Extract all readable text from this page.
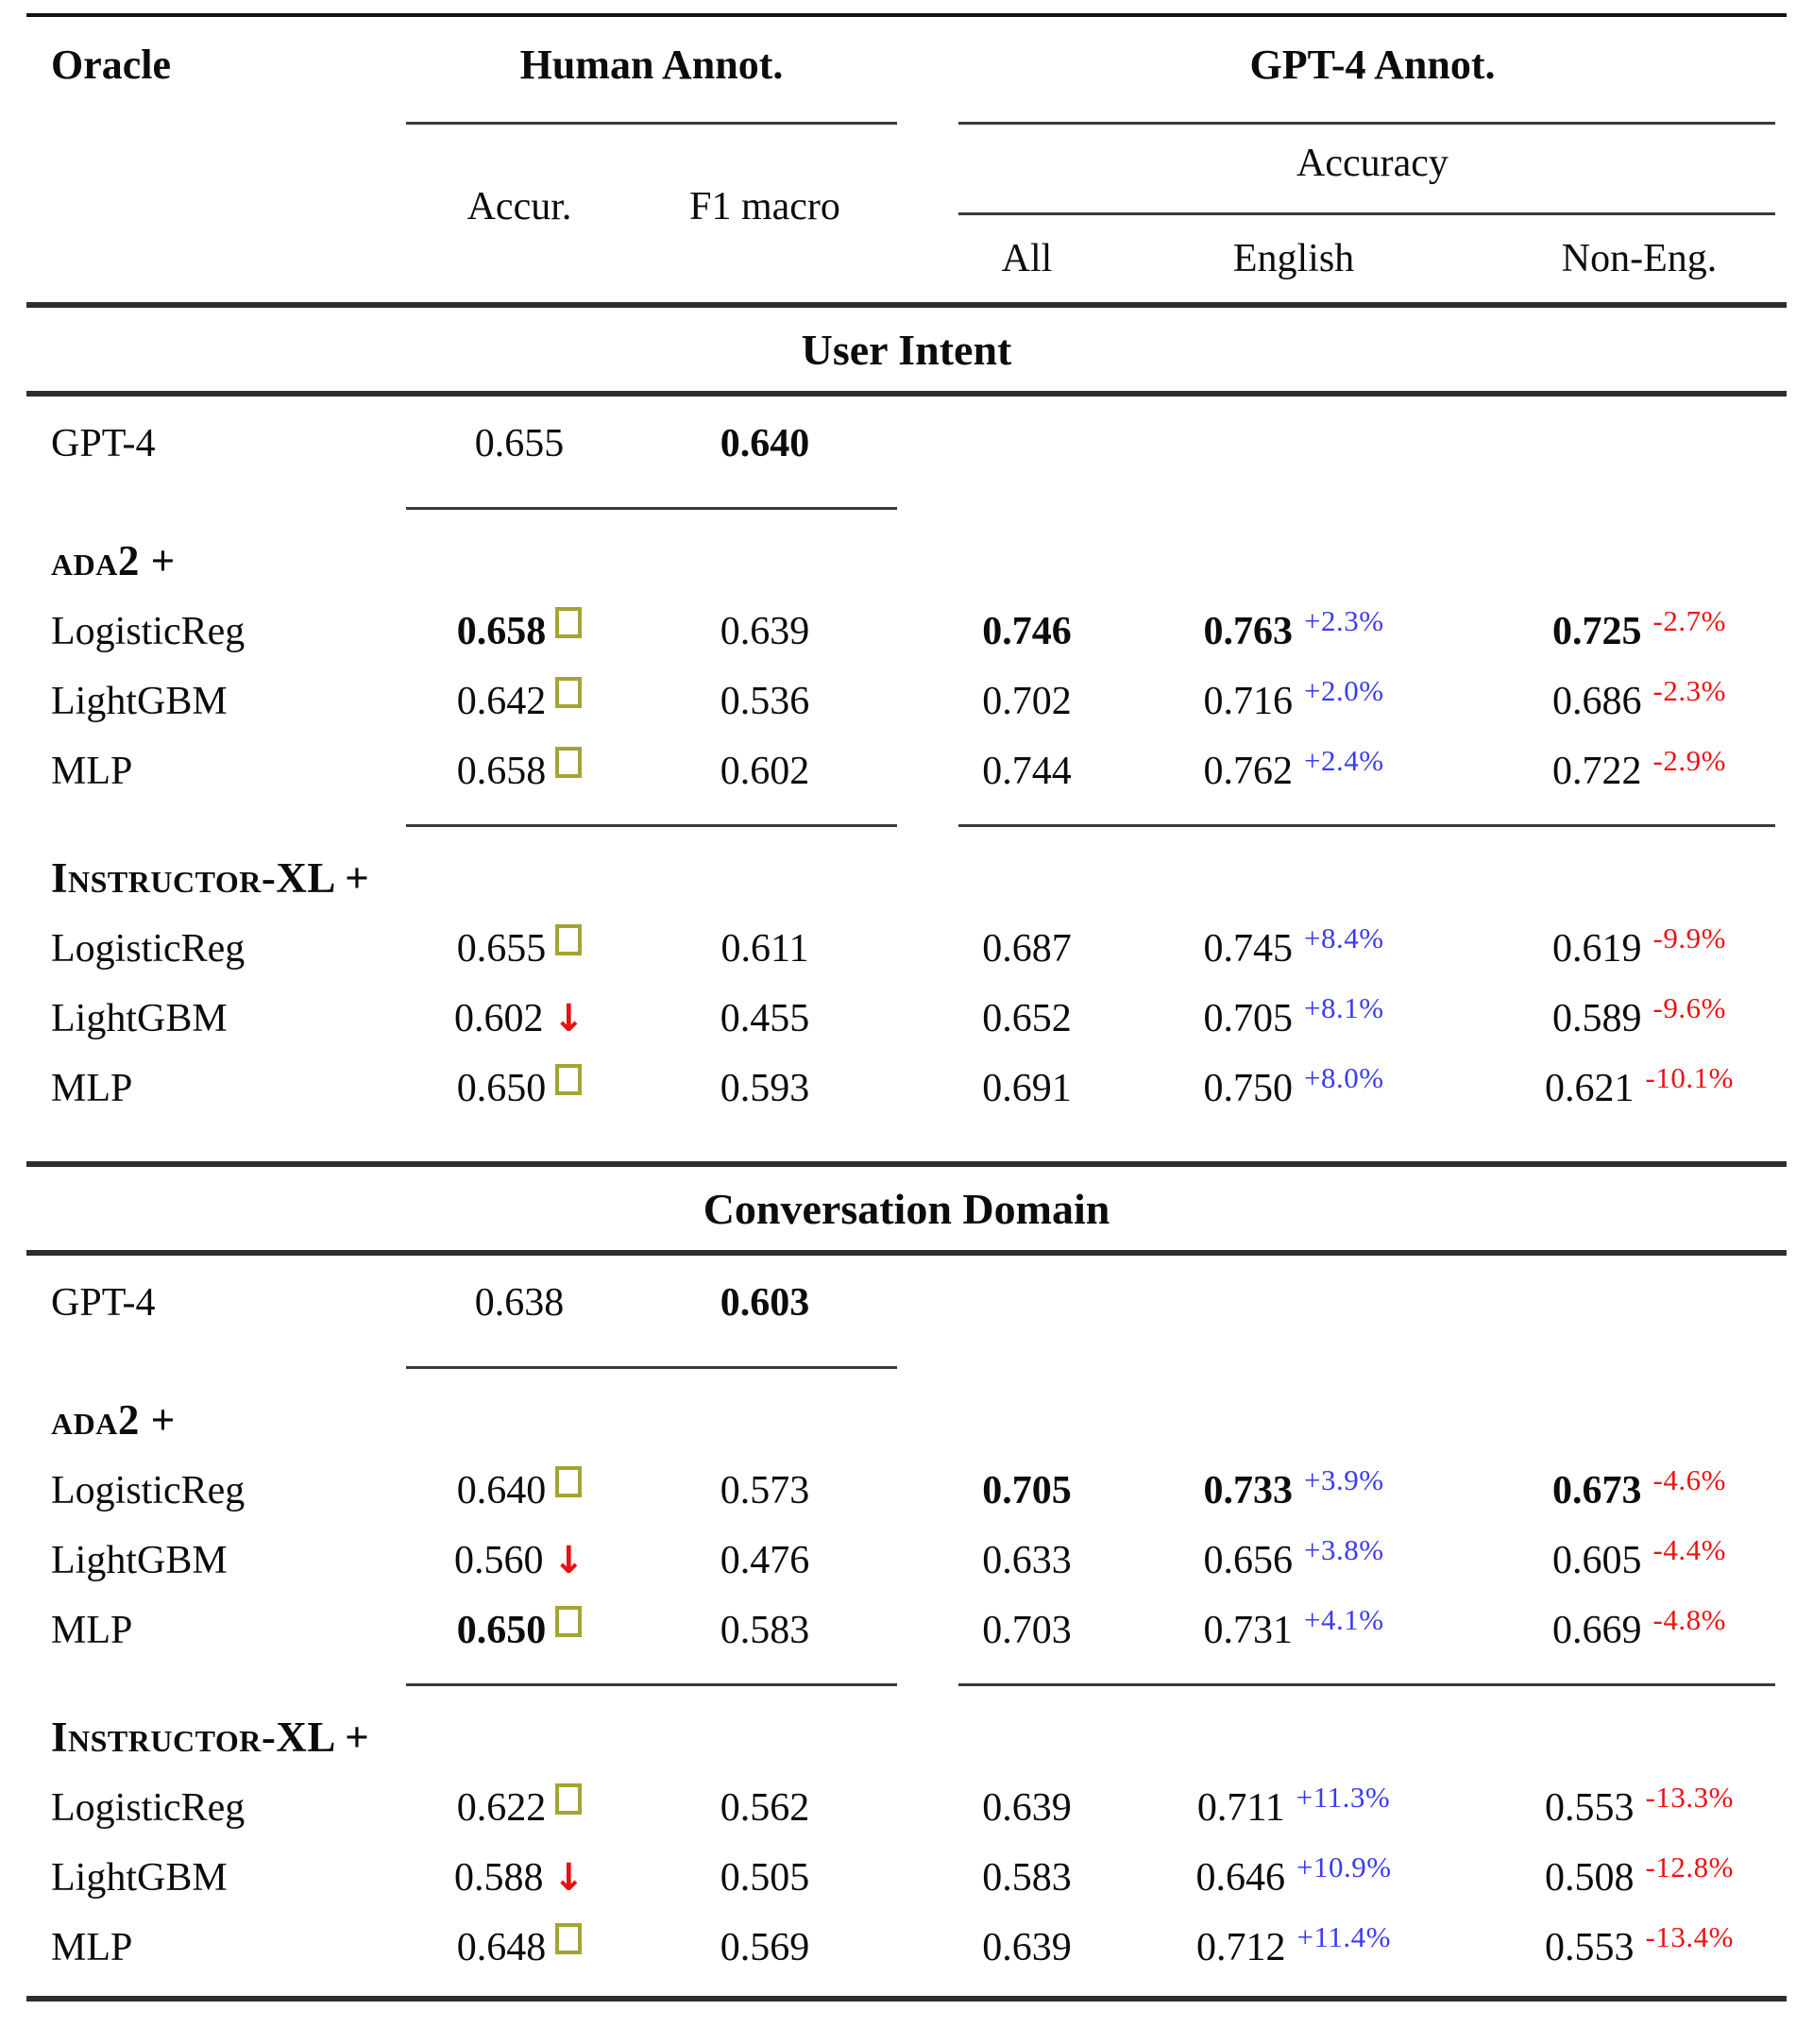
Oracle	Human Annot.	GPT-4 Annot.
Accur.	F1 macro
Accuracy
All	English	Non-Eng.
User Intent
GPT-4	0.655	0.640
ada2 +
LogisticReg	0.658	0.639	0.746	0.763 +2.3%	0.725 -2.7%
LightGBM	0.642	0.536	0.702	0.716 +2.0%	0.686 -2.3%
MLP	0.658	0.602	0.744	0.762 +2.4%	0.722 -2.9%
Instructor-XL +
LogisticReg	0.655	0.611	0.687	0.745 +8.4%	0.619 -9.9%
LightGBM	0.602 ↓	0.455	0.652	0.705 +8.1%	0.589 -9.6%
MLP	0.650	0.593	0.691	0.750 +8.0%	0.621 -10.1%
Conversation Domain
GPT-4	0.638	0.603
ada2 +
LogisticReg	0.640	0.573	0.705	0.733 +3.9%	0.673 -4.6%
LightGBM	0.560 ↓	0.476	0.633	0.656 +3.8%	0.605 -4.4%
MLP	0.650	0.583	0.703	0.731 +4.1%	0.669 -4.8%
Instructor-XL +
LogisticReg	0.622	0.562	0.639	0.711 +11.3%	0.553 -13.3%
LightGBM	0.588 ↓	0.505	0.583	0.646 +10.9%	0.508 -12.8%
MLP	0.648	0.569	0.639	0.712 +11.4%	0.553 -13.4%
